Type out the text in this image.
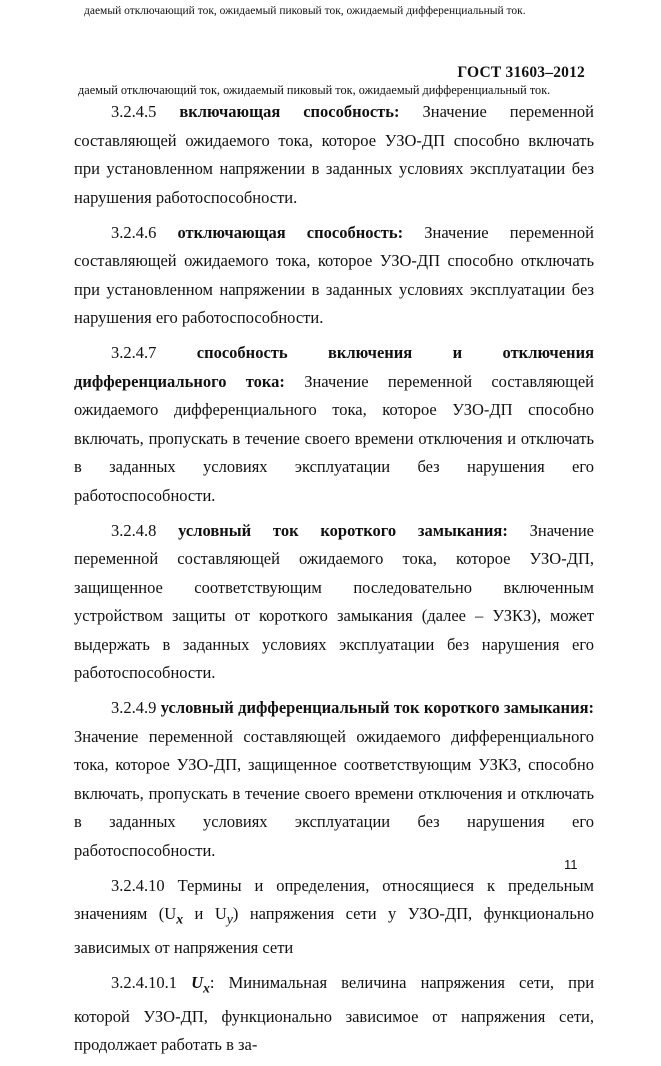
даемый отключающий ток, ожидаемый пиковый ток, ожидаемый дифференциальный ток.
ГОСТ 31603–2012
даемый отключающий ток, ожидаемый пиковый ток, ожидаемый дифференциальный ток.

3.2.4.5 включающая способность: Значение переменной составляющей ожидаемого тока, которое УЗО-ДП способно включать при установленном напряжении в заданных условиях эксплуатации без нарушения работоспособности.

3.2.4.6 отключающая способность: Значение переменной составляющей ожидаемого тока, которое УЗО-ДП способно отключать при установленном напряжении в заданных условиях эксплуатации без нарушения его работоспособности.

3.2.4.7 способность включения и отключения дифференциального тока: Значение переменной составляющей ожидаемого дифференциального тока, которое УЗО-ДП способно включать, пропускать в течение своего времени отключения и отключать в заданных условиях эксплуатации без нарушения его работоспособности.

3.2.4.8 условный ток короткого замыкания: Значение переменной составляющей ожидаемого тока, которое УЗО-ДП, защищенное соответствующим последовательно включенным устройством защиты от короткого замыкания (далее – УЗКЗ), может выдержать в заданных условиях эксплуатации без нарушения его работоспособности.

3.2.4.9 условный дифференциальный ток короткого замыкания: Значение переменной составляющей ожидаемого дифференциального тока, которое УЗО-ДП, защищенное соответствующим УЗКЗ, способно включать, пропускать в течение своего времени отключения и отключать в заданных условиях эксплуатации без нарушения его работоспособности.

3.2.4.10 Термины и определения, относящиеся к предельным значениям ($U_x$ и $U_y$) напряжения сети у УЗО-ДП, функционально зависимых от напряжения сети

3.2.4.10.1 $U_x$: Минимальная величина напряжения сети, при которой УЗО-ДП, функционально зависимое от напряжения сети, продолжает работать в за-

11
